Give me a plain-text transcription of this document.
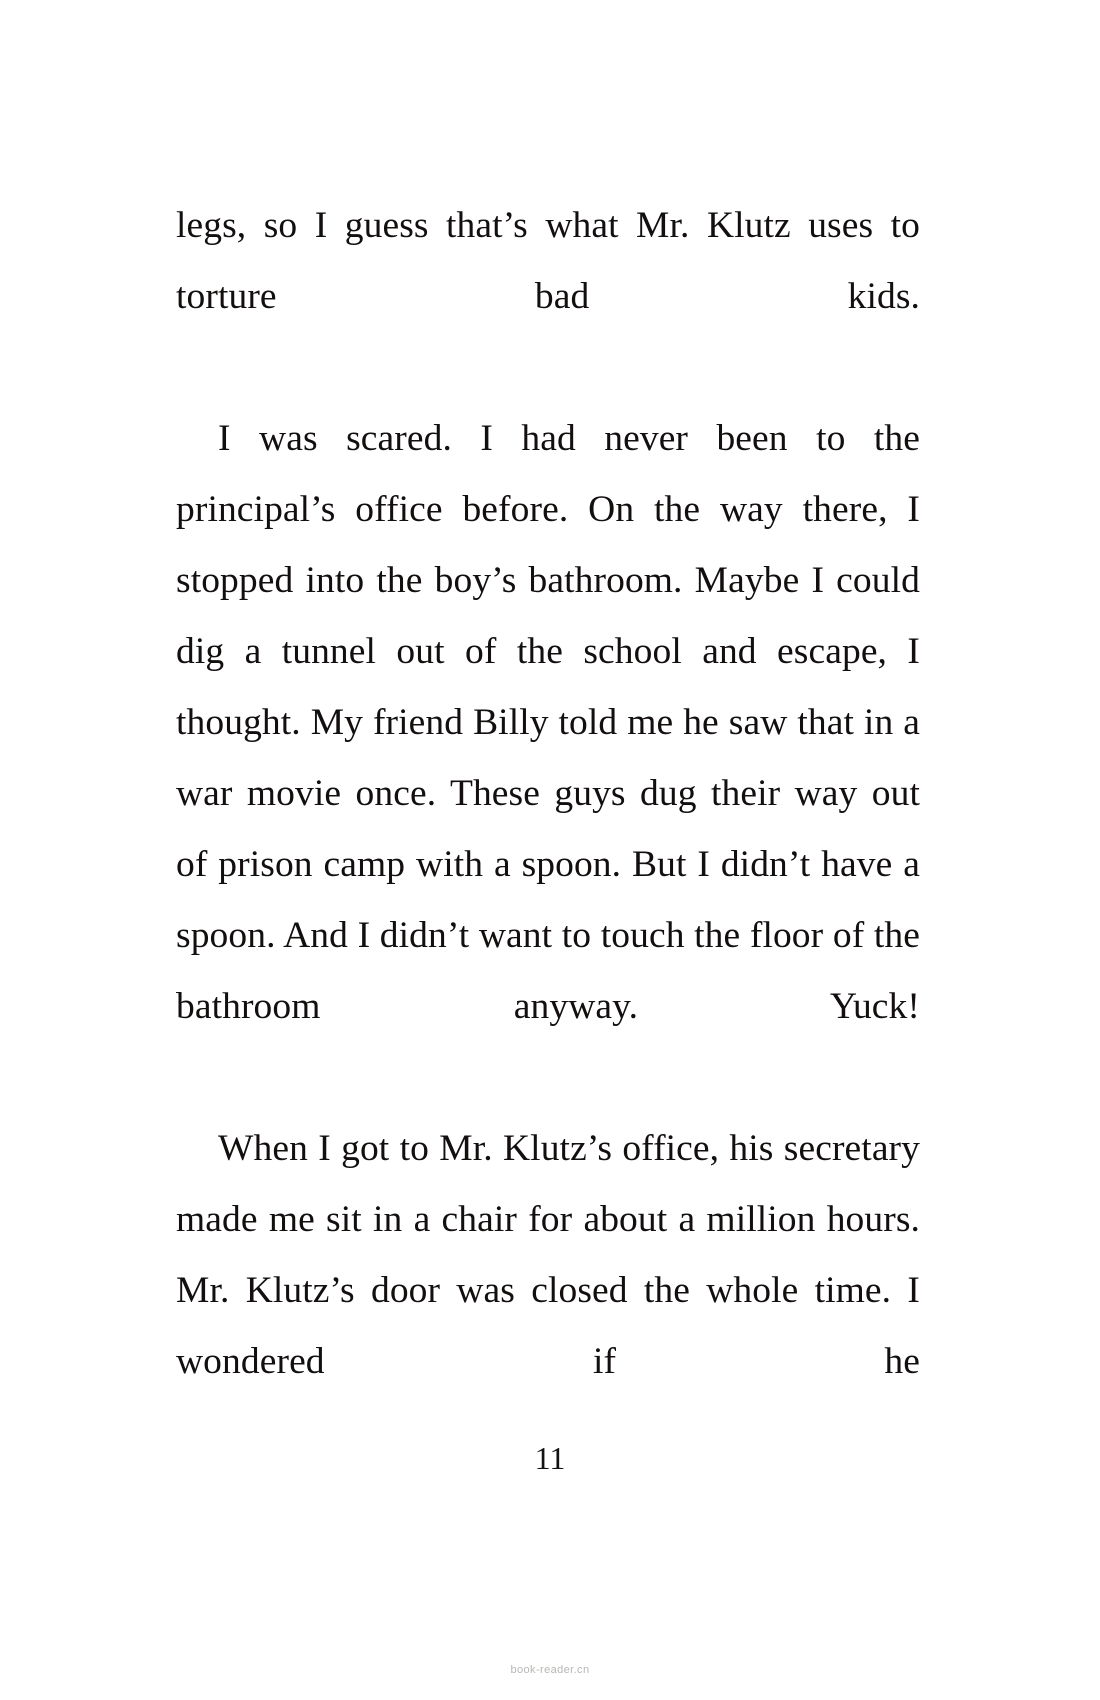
legs, so I guess that’s what Mr. Klutz uses to torture bad kids.

I was scared. I had never been to the principal’s office before. On the way there, I stopped into the boy’s bathroom. Maybe I could dig a tunnel out of the school and escape, I thought. My friend Billy told me he saw that in a war movie once. These guys dug their way out of prison camp with a spoon. But I didn’t have a spoon. And I didn’t want to touch the floor of the bathroom anyway. Yuck!

When I got to Mr. Klutz’s office, his secretary made me sit in a chair for about a million hours. Mr. Klutz’s door was closed the whole time. I wondered if he

11
book-reader.cn
